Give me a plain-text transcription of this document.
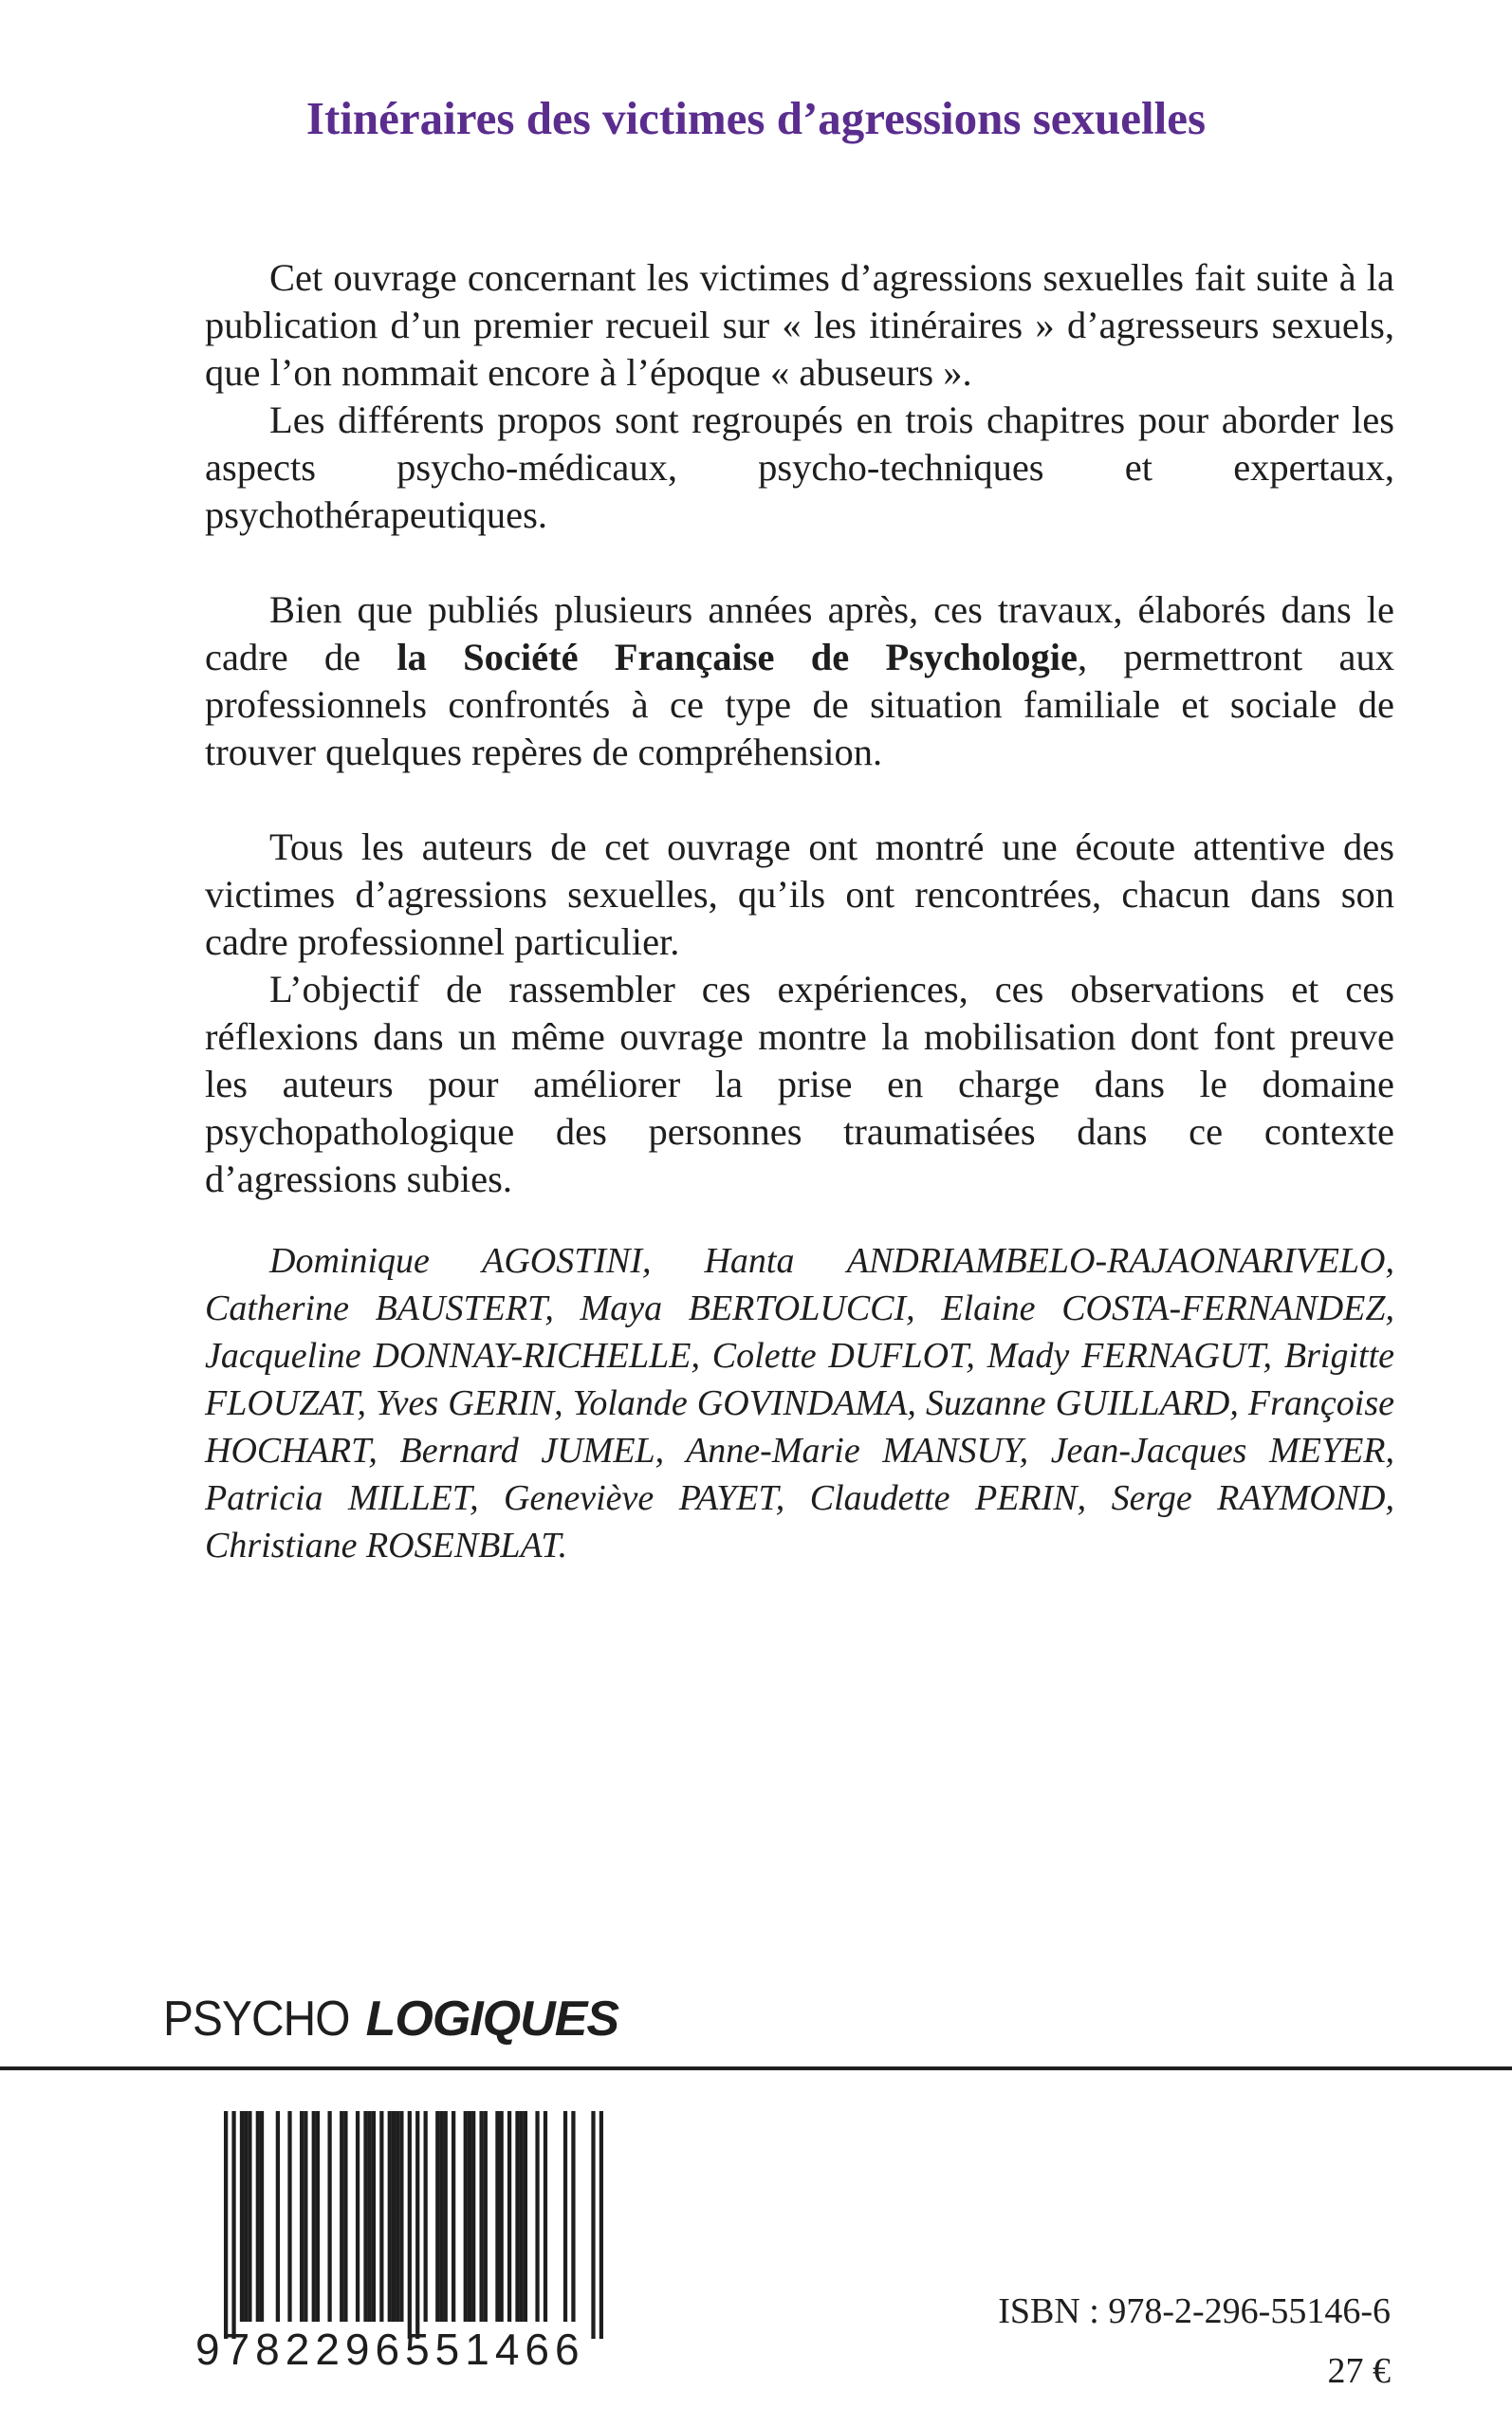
Itinéraires des victimes d’agressions sexuelles

Cet ouvrage concernant les victimes d’agressions sexuelles fait suite à la publication d’un premier recueil sur « les itinéraires » d’agresseurs sexuels, que l’on nommait encore à l’époque « abuseurs ».

Les différents propos sont regroupés en trois chapitres pour aborder les aspects psycho-médicaux, psycho-techniques et expertaux, psychothérapeutiques.

Bien que publiés plusieurs années après, ces travaux, élaborés dans le cadre de la Société Française de Psychologie, permettront aux professionnels confrontés à ce type de situation familiale et sociale de trouver quelques repères de compréhension.

Tous les auteurs de cet ouvrage ont montré une écoute attentive des victimes d’agressions sexuelles, qu’ils ont rencontrées, chacun dans son cadre professionnel particulier.

L’objectif de rassembler ces expériences, ces observations et ces réflexions dans un même ouvrage montre la mobilisation dont font preuve les auteurs pour améliorer la prise en charge dans le domaine psychopathologique des personnes traumatisées dans ce contexte d’agressions subies.

Dominique AGOSTINI, Hanta ANDRIAMBELO-RAJAONARIVELO, Catherine BAUSTERT, Maya BERTOLUCCI, Elaine COSTA-FERNANDEZ, Jacqueline DONNAY-RICHELLE, Colette DUFLOT, Mady FERNAGUT, Brigitte FLOUZAT, Yves GERIN, Yolande GOVINDAMA, Suzanne GUILLARD, Françoise HOCHART, Bernard JUMEL, Anne-Marie MANSUY, Jean-Jacques MEYER, Patricia MILLET, Geneviève PAYET, Claudette PERIN, Serge RAYMOND, Christiane ROSENBLAT.

PSYCHO LOGIQUES
9782296551466
ISBN : 978-2-296-55146-6
27 €
